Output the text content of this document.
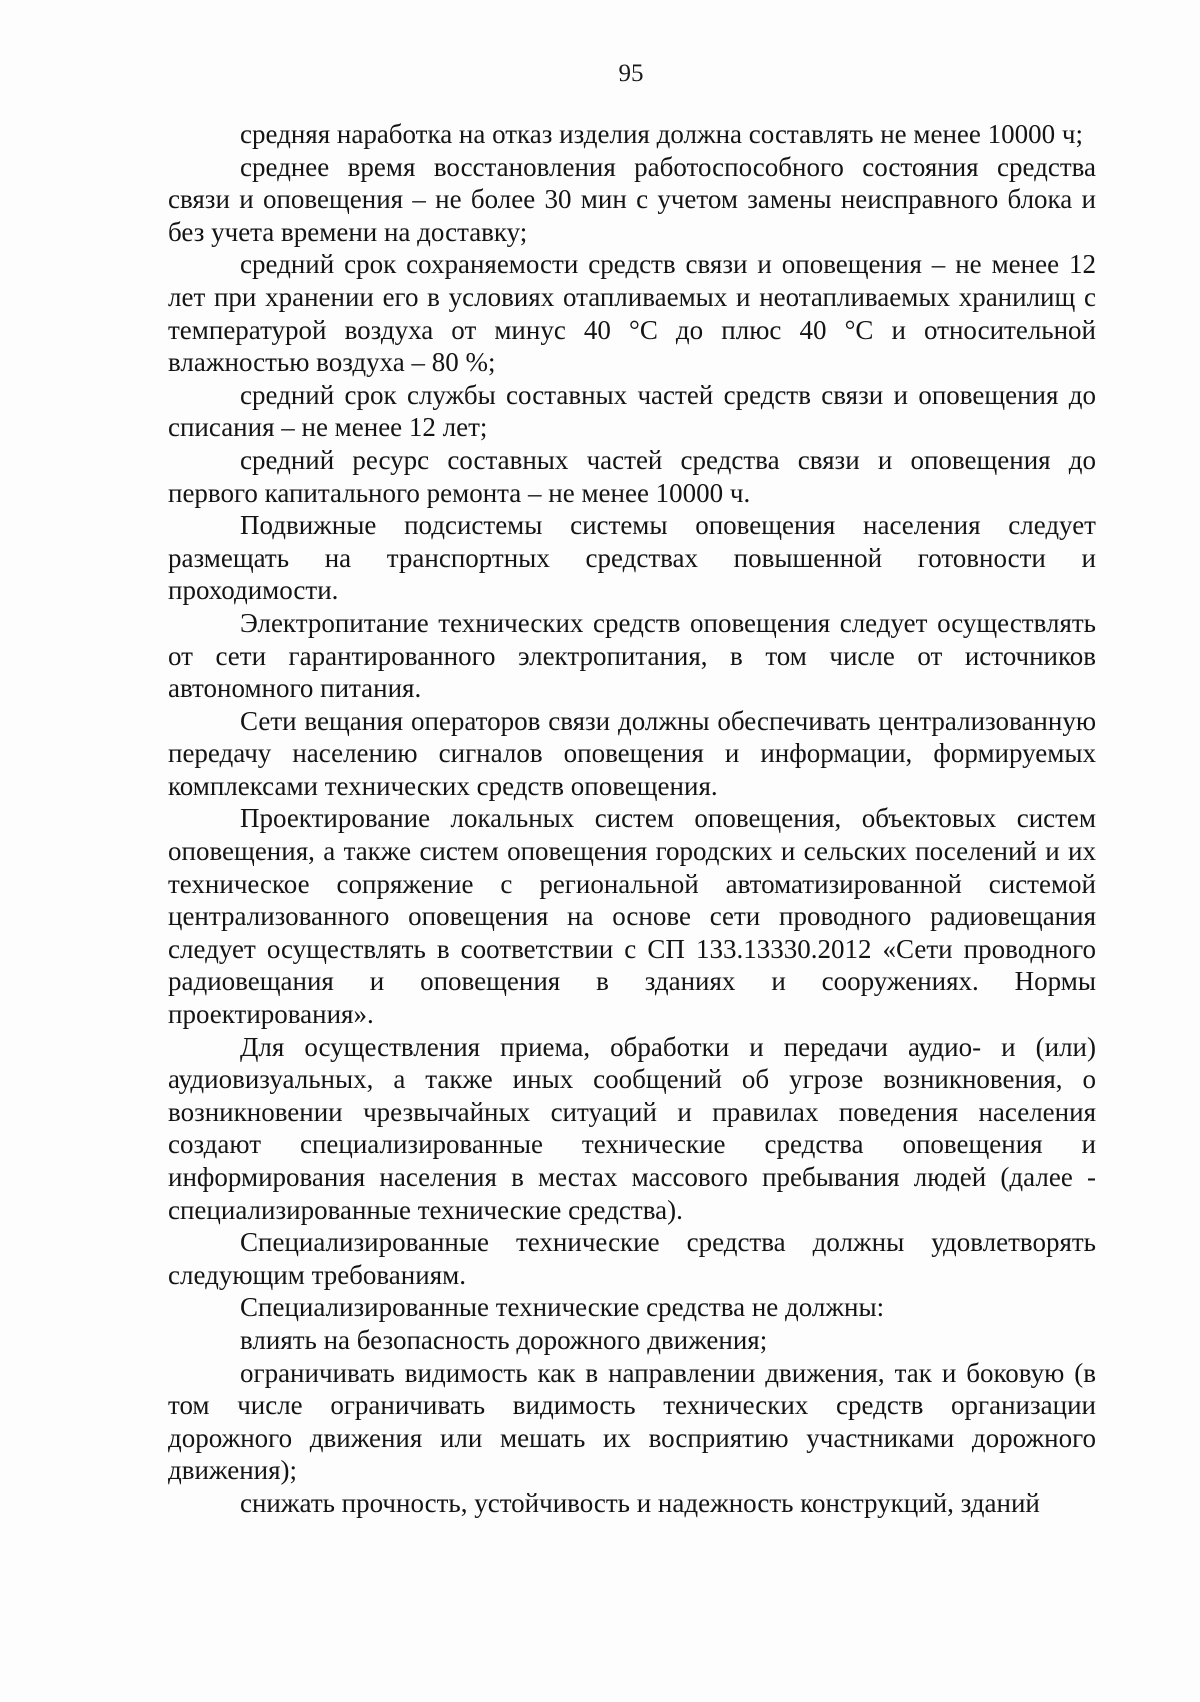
95

средняя наработка на отказ изделия должна составлять не менее 10000 ч;

среднее время восстановления работоспособного состояния средства связи и оповещения – не более 30 мин с учетом замены неисправного блока и без учета времени на доставку;

средний срок сохраняемости средств связи и оповещения – не менее 12 лет при хранении его в условиях отапливаемых и неотапливаемых хранилищ с температурой воздуха от минус 40 °С до плюс 40 °С и относительной влажностью воздуха – 80 %;

средний срок службы составных частей средств связи и оповещения до списания – не менее 12 лет;

средний ресурс составных частей средства связи и оповещения до первого капитального ремонта – не менее 10000 ч.

Подвижные подсистемы системы оповещения населения следует размещать на транспортных средствах повышенной готовности и проходимости.

Электропитание технических средств оповещения следует осуществлять от сети гарантированного электропитания, в том числе от источников автономного питания.

Сети вещания операторов связи должны обеспечивать централизованную передачу населению сигналов оповещения и информации, формируемых комплексами технических средств оповещения.

Проектирование локальных систем оповещения, объектовых систем оповещения, а также систем оповещения городских и сельских поселений и их техническое сопряжение с региональной автоматизированной системой централизованного оповещения на основе сети проводного радиовещания следует осуществлять в соответствии с СП 133.13330.2012 «Сети проводного радиовещания и оповещения в зданиях и сооружениях. Нормы проектирования».

Для осуществления приема, обработки и передачи аудио- и (или) аудиовизуальных, а также иных сообщений об угрозе возникновения, о возникновении чрезвычайных ситуаций и правилах поведения населения создают специализированные технические средства оповещения и информирования населения в местах массового пребывания людей (далее - специализированные технические средства).

Специализированные технические средства должны удовлетворять следующим требованиям.

Специализированные технические средства не должны:

влиять на безопасность дорожного движения;

ограничивать видимость как в направлении движения, так и боковую (в том числе ограничивать видимость технических средств организации дорожного движения или мешать их восприятию участниками дорожного движения);

снижать прочность, устойчивость и надежность конструкций, зданий
